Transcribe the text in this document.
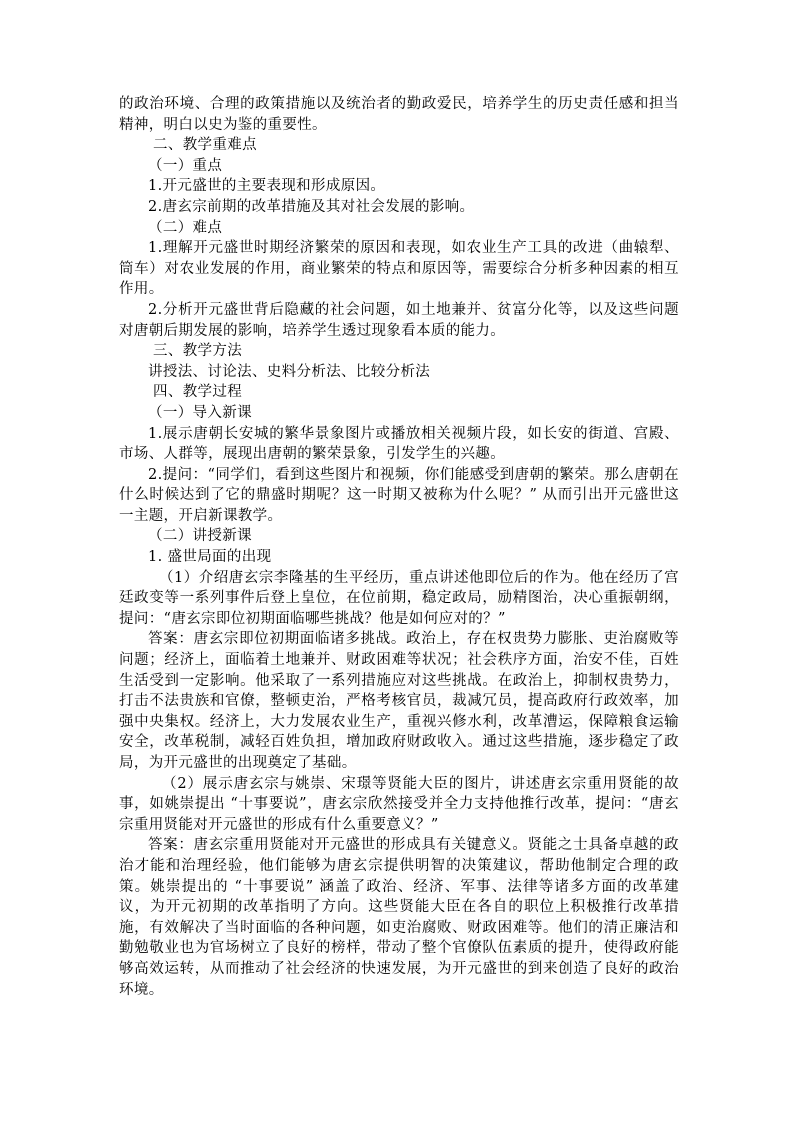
的政治环境、合理的政策措施以及统治者的勤政爱民，培养学生的历史责任感和担当精神，明白以史为鉴的重要性。

二、教学重难点

（一）重点

1.开元盛世的主要表现和形成原因。

2.唐玄宗前期的改革措施及其对社会发展的影响。

（二）难点

1.理解开元盛世时期经济繁荣的原因和表现，如农业生产工具的改进（曲辕犁、筒车）对农业发展的作用，商业繁荣的特点和原因等，需要综合分析多种因素的相互作用。

2.分析开元盛世背后隐藏的社会问题，如土地兼并、贫富分化等，以及这些问题对唐朝后期发展的影响，培养学生透过现象看本质的能力。

三、教学方法

讲授法、讨论法、史料分析法、比较分析法

四、教学过程

（一）导入新课

1.展示唐朝长安城的繁华景象图片或播放相关视频片段，如长安的街道、宫殿、市场、人群等，展现出唐朝的繁荣景象，引发学生的兴趣。

2.提问：“同学们，看到这些图片和视频，你们能感受到唐朝的繁荣。那么唐朝在什么时候达到了它的鼎盛时期呢？这一时期又被称为什么呢？” 从而引出开元盛世这一主题，开启新课教学。

（二）讲授新课

1. 盛世局面的出现

（1）介绍唐玄宗李隆基的生平经历，重点讲述他即位后的作为。他在经历了宫廷政变等一系列事件后登上皇位，在位前期，稳定政局，励精图治，决心重振朝纲，提问：“唐玄宗即位初期面临哪些挑战？他是如何应对的？”

答案：唐玄宗即位初期面临诸多挑战。政治上，存在权贵势力膨胀、吏治腐败等问题；经济上，面临着土地兼并、财政困难等状况；社会秩序方面，治安不佳，百姓生活受到一定影响。他采取了一系列措施应对这些挑战。在政治上，抑制权贵势力，打击不法贵族和官僚，整顿吏治，严格考核官员，裁减冗员，提高政府行政效率，加强中央集权。经济上，大力发展农业生产，重视兴修水利，改革漕运，保障粮食运输安全，改革税制，减轻百姓负担，增加政府财政收入。通过这些措施，逐步稳定了政局，为开元盛世的出现奠定了基础。

（2）展示唐玄宗与姚崇、宋璟等贤能大臣的图片，讲述唐玄宗重用贤能的故事，如姚崇提出 “十事要说”，唐玄宗欣然接受并全力支持他推行改革，提问：“唐玄宗重用贤能对开元盛世的形成有什么重要意义？”

答案：唐玄宗重用贤能对开元盛世的形成具有关键意义。贤能之士具备卓越的政治才能和治理经验，他们能够为唐玄宗提供明智的决策建议，帮助他制定合理的政策。姚崇提出的 “十事要说” 涵盖了政治、经济、军事、法律等诸多方面的改革建议，为开元初期的改革指明了方向。这些贤能大臣在各自的职位上积极推行改革措施，有效解决了当时面临的各种问题，如吏治腐败、财政困难等。他们的清正廉洁和勤勉敬业也为官场树立了良好的榜样，带动了整个官僚队伍素质的提升，使得政府能够高效运转，从而推动了社会经济的快速发展，为开元盛世的到来创造了良好的政治环境。
